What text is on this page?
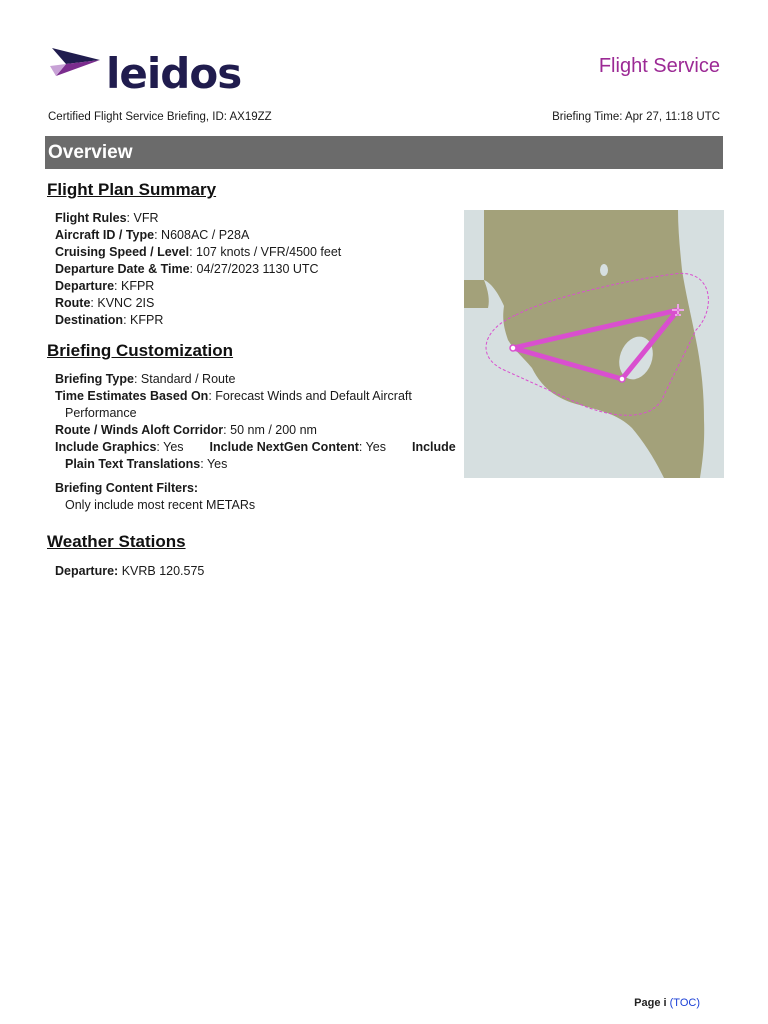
leidos	Flight Service
Certified Flight Service Briefing, ID: AX19ZZ	Briefing Time: Apr 27, 11:18 UTC
Overview
Flight Plan Summary
Flight Rules: VFR
Aircraft ID / Type: N608AC / P28A
Cruising Speed / Level: 107 knots / VFR/4500 feet
Departure Date & Time: 04/27/2023 1130 UTC
Departure: KFPR
Route: KVNC 2IS
Destination: KFPR
Briefing Customization
Briefing Type: Standard / Route
Time Estimates Based On: Forecast Winds and Default Aircraft Performance
Route / Winds Aloft Corridor: 50 nm / 200 nm
Include Graphics: Yes Include NextGen Content: Yes Include
Plain Text Translations: Yes
Briefing Content Filters:
Only include most recent METARs
Weather Stations
Departure: KVRB 120.575
Page i (TOC)
